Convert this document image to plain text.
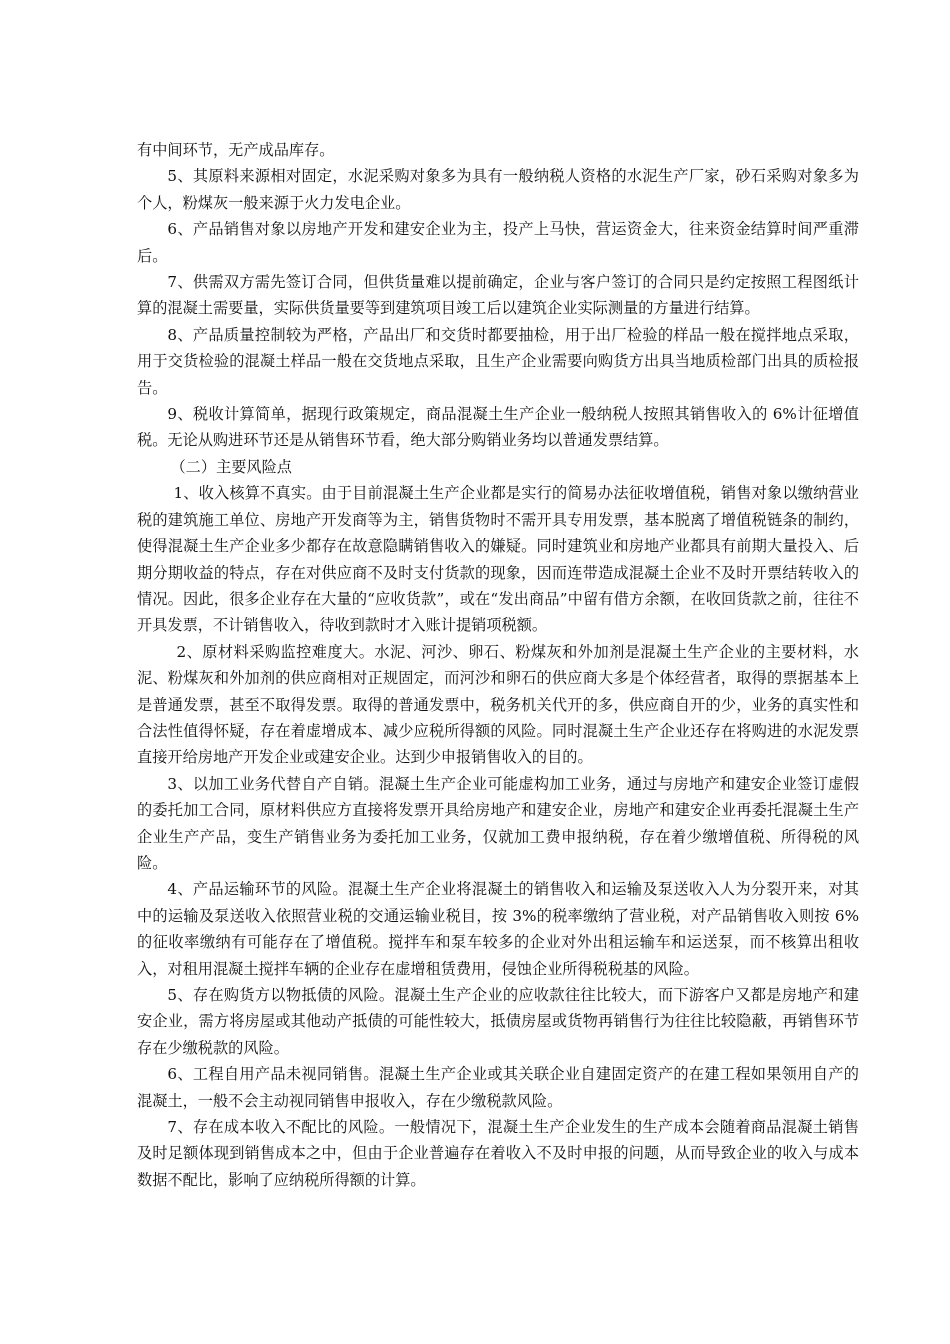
有中间环节，无产成品库存。

5、其原料来源相对固定，水泥采购对象多为具有一般纳税人资格的水泥生产厂家，砂石采购对象多为个人，粉煤灰一般来源于火力发电企业。

6、产品销售对象以房地产开发和建安企业为主，投产上马快，营运资金大，往来资金结算时间严重滞后。

7、供需双方需先签订合同，但供货量难以提前确定，企业与客户签订的合同只是约定按照工程图纸计算的混凝土需要量，实际供货量要等到建筑项目竣工后以建筑企业实际测量的方量进行结算。

8、产品质量控制较为严格，产品出厂和交货时都要抽检，用于出厂检验的样品一般在搅拌地点采取，用于交货检验的混凝土样品一般在交货地点采取，且生产企业需要向购货方出具当地质检部门出具的质检报告。

9、税收计算简单，据现行政策规定，商品混凝土生产企业一般纳税人按照其销售收入的 6%计征增值税。无论从购进环节还是从销售环节看，绝大部分购销业务均以普通发票结算。

（二）主要风险点

1、收入核算不真实。由于目前混凝土生产企业都是实行的简易办法征收增值税，销售对象以缴纳营业税的建筑施工单位、房地产开发商等为主，销售货物时不需开具专用发票，基本脱离了增值税链条的制约，使得混凝土生产企业多少都存在故意隐瞒销售收入的嫌疑。同时建筑业和房地产业都具有前期大量投入、后期分期收益的特点，存在对供应商不及时支付货款的现象，因而连带造成混凝土企业不及时开票结转收入的情况。因此，很多企业存在大量的“应收货款”，或在“发出商品”中留有借方余额，在收回货款之前，往往不开具发票，不计销售收入，待收到款时才入账计提销项税额。

2、原材料采购监控难度大。水泥、河沙、卵石、粉煤灰和外加剂是混凝土生产企业的主要材料，水泥、粉煤灰和外加剂的供应商相对正规固定，而河沙和卵石的供应商大多是个体经营者，取得的票据基本上是普通发票，甚至不取得发票。取得的普通发票中，税务机关代开的多，供应商自开的少，业务的真实性和合法性值得怀疑，存在着虚增成本、减少应税所得额的风险。同时混凝土生产企业还存在将购进的水泥发票直接开给房地产开发企业或建安企业。达到少申报销售收入的目的。

3、以加工业务代替自产自销。混凝土生产企业可能虚构加工业务，通过与房地产和建安企业签订虚假的委托加工合同，原材料供应方直接将发票开具给房地产和建安企业，房地产和建安企业再委托混凝土生产企业生产产品，变生产销售业务为委托加工业务，仅就加工费申报纳税，存在着少缴增值税、所得税的风险。

4、产品运输环节的风险。混凝土生产企业将混凝土的销售收入和运输及泵送收入人为分裂开来，对其中的运输及泵送收入依照营业税的交通运输业税目，按 3%的税率缴纳了营业税，对产品销售收入则按 6%的征收率缴纳有可能存在了增值税。搅拌车和泵车较多的企业对外出租运输车和运送泵，而不核算出租收入，对租用混凝土搅拌车辆的企业存在虚增租赁费用，侵蚀企业所得税税基的风险。

5、存在购货方以物抵债的风险。混凝土生产企业的应收款往往比较大，而下游客户又都是房地产和建安企业，需方将房屋或其他动产抵债的可能性较大，抵债房屋或货物再销售行为往往比较隐蔽，再销售环节存在少缴税款的风险。

6、工程自用产品未视同销售。混凝土生产企业或其关联企业自建固定资产的在建工程如果领用自产的混凝土，一般不会主动视同销售申报收入，存在少缴税款风险。

7、存在成本收入不配比的风险。一般情况下，混凝土生产企业发生的生产成本会随着商品混凝土销售及时足额体现到销售成本之中，但由于企业普遍存在着收入不及时申报的问题，从而导致企业的收入与成本数据不配比，影响了应纳税所得额的计算。
